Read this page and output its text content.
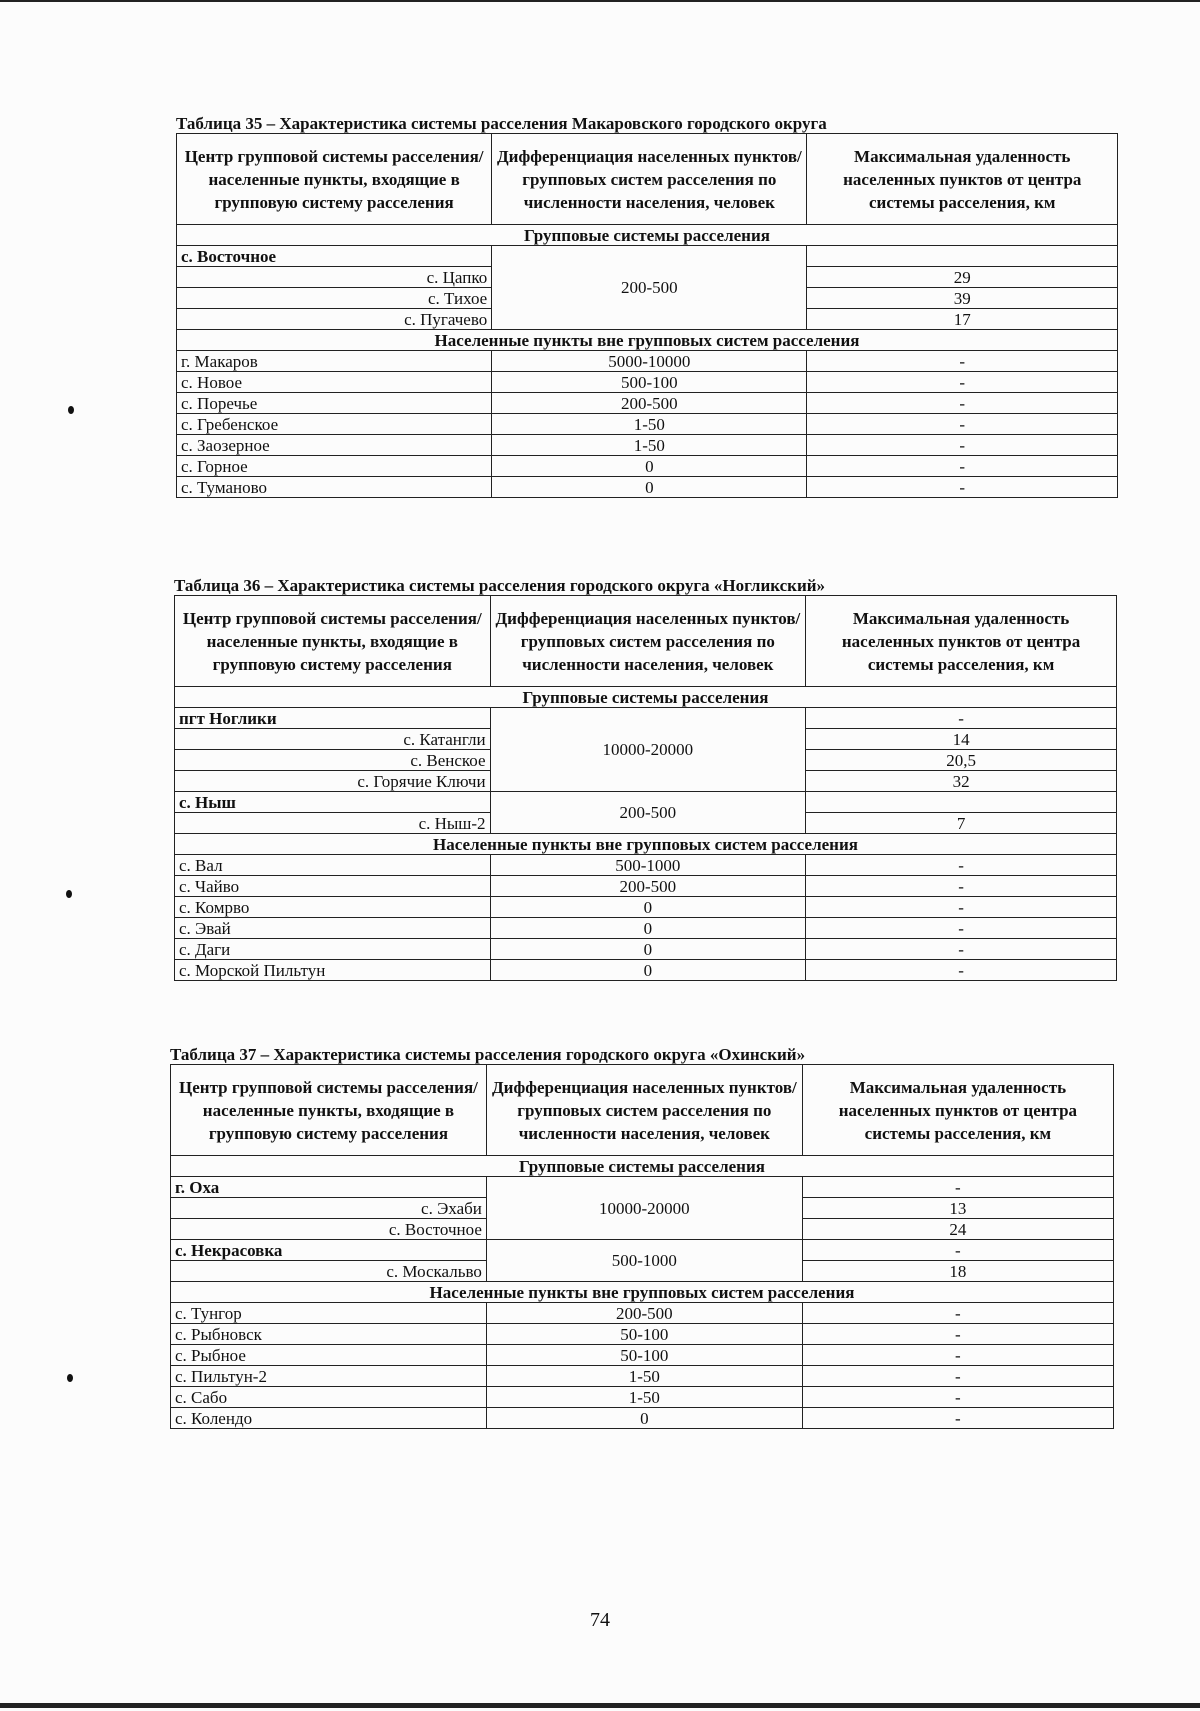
Таблица 35 – Характеристика системы расселения Макаровского городского округа
Центр групповой системы расселения/населенные пункты, входящие в групповую систему расселения	Дифференциация населенных пунктов/групповых систем расселения по численности населения, человек	Максимальная удаленность населенных пунктов от центра системы расселения, км
Групповые системы расселения		
с. Восточное	200-500	
с. Цапко		29
с. Тихое		39
с. Пугачево		17
Населенные пункты вне групповых систем расселения		
г. Макаров	5000-10000	-
с. Новое	500-100	-
с. Поречье	200-500	-
с. Гребенское	1-50	-
с. Заозерное	1-50	-
с. Горное	0	-
с. Туманово	0	-
Таблица 36 – Характеристика системы расселения городского округа «Ногликский»
Центр групповой системы расселения/населенные пункты, входящие в групповую систему расселения	Дифференциация населенных пунктов/групповых систем расселения по численности населения, человек	Максимальная удаленность населенных пунктов от центра системы расселения, км
Групповые системы расселения		
пгт Ноглики	10000-20000	-
с. Катангли		14
с. Венское		20,5
с. Горячие Ключи		32
с. Ныш	200-500	
с. Ныш-2		7
Населенные пункты вне групповых систем расселения		
с. Вал	500-1000	-
с. Чайво	200-500	-
с. Комрво	0	-
с. Эвай	0	-
с. Даги	0	-
с. Морской Пильтун	0	-
Таблица 37 – Характеристика системы расселения городского округа «Охинский»
Центр групповой системы расселения/населенные пункты, входящие в групповую систему расселения	Дифференциация населенных пунктов/групповых систем расселения по численности населения, человек	Максимальная удаленность населенных пунктов от центра системы расселения, км
Групповые системы расселения		
г. Оха	10000-20000	-
с. Эхаби		13
с. Восточное		24
с. Некрасовка	500-1000	-
с. Москальво		18
Населенные пункты вне групповых систем расселения		
с. Тунгор	200-500	-
с. Рыбновск	50-100	-
с. Рыбное	50-100	-
с. Пильтун-2	1-50	-
с. Сабо	1-50	-
с. Колендо	0	-
74
